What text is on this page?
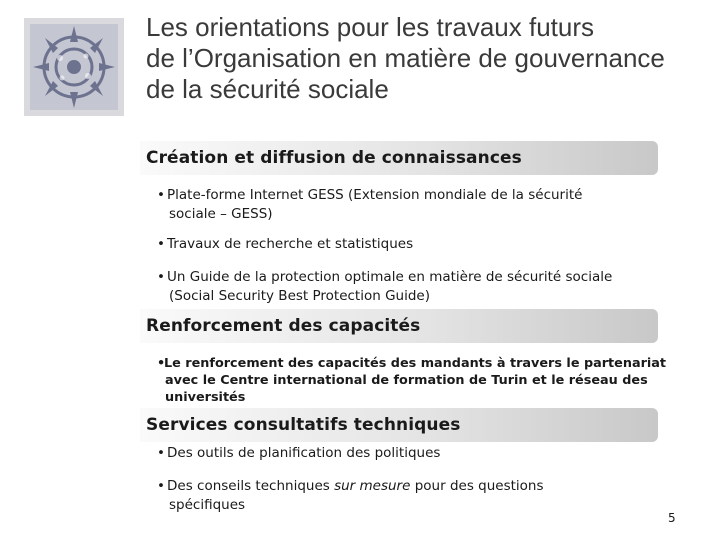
Les orientations pour les travaux futurs
de l’Organisation en matière de gouvernance
de la sécurité sociale
Création et diffusion de connaissances
• Plate-forme Internet GESS (Extension mondiale de la sécurité
sociale – GESS)
• Travaux de recherche et statistiques
• Un Guide de la protection optimale en matière de sécurité sociale
(Social Security Best Protection Guide)
Renforcement des capacités
•Le renforcement des capacités des mandants à travers le partenariat
avec le Centre international de formation de Turin et le réseau des
universités
Services consultatifs techniques
• Des outils de planification des politiques
• Des conseils techniques sur mesure pour des questions
spécifiques
5
